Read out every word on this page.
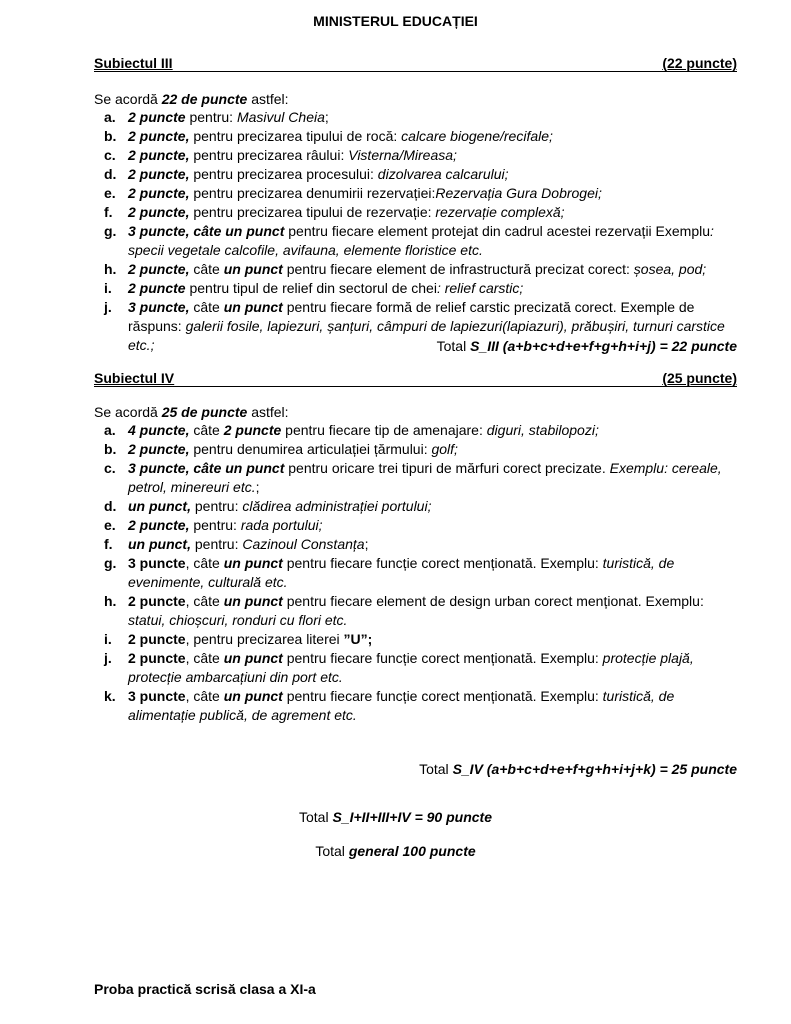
MINISTERUL EDUCAȚIEI
Subiectul III	(22 puncte)
Se acordă 22 de puncte astfel:
a. 2 puncte pentru: Masivul Cheia;
b. 2 puncte, pentru precizarea tipului de rocă: calcare biogene/recifale;
c. 2 puncte, pentru precizarea râului: Visterna/Mireasa;
d. 2 puncte, pentru precizarea procesului: dizolvarea calcarului;
e. 2 puncte, pentru precizarea denumirii rezervației:Rezervația Gura Dobrogei;
f. 2 puncte, pentru precizarea tipului de rezervație: rezervație complexă;
g. 3 puncte, câte un punct pentru fiecare element protejat din cadrul acestei rezervații Exemplu: specii vegetale calcofile, avifauna, elemente floristice etc.
h. 2 puncte, câte un punct pentru fiecare element de infrastructură precizat corect: șosea, pod;
i. 2 puncte pentru tipul de relief din sectorul de chei: relief carstic;
j. 3 puncte, câte un punct pentru fiecare formă de relief carstic precizată corect. Exemple de răspuns: galerii fosile, lapiezuri, șanțuri, câmpuri de lapiezuri(lapiazuri), prăbușiri, turnuri carstice etc.;	Total S_III (a+b+c+d+e+f+g+h+i+j) = 22 puncte
Subiectul IV	(25 puncte)
Se acordă 25 de puncte astfel:
a. 4 puncte, câte 2 puncte pentru fiecare tip de amenajare: diguri, stabilopozi;
b. 2 puncte, pentru denumirea articulației țărmului: golf;
c. 3 puncte, câte un punct pentru oricare trei tipuri de mărfuri corect precizate. Exemplu: cereale, petrol, minereuri etc.;
d. un punct, pentru: clădirea administrației portului;
e. 2 puncte, pentru: rada portului;
f. un punct, pentru: Cazinoul Constanța;
g. 3 puncte, câte un punct pentru fiecare funcție corect menționată. Exemplu: turistică, de evenimente, culturală etc.
h. 2 puncte, câte un punct pentru fiecare element de design urban corect menționat. Exemplu: statui, chioșcuri, ronduri cu flori etc.
i. 2 puncte, pentru precizarea literei ”U”;
j. 2 puncte, câte un punct pentru fiecare funcție corect menționată. Exemplu: protecție plajă, protecție ambarcațiuni din port etc.
k. 3 puncte, câte un punct pentru fiecare funcție corect menționată. Exemplu: turistică, de alimentație publică, de agrement etc.
Total S_IV (a+b+c+d+e+f+g+h+i+j+k) = 25 puncte
Total S_I+II+III+IV = 90 puncte
Total general 100 puncte
Proba practică scrisă clasa a XI-a
